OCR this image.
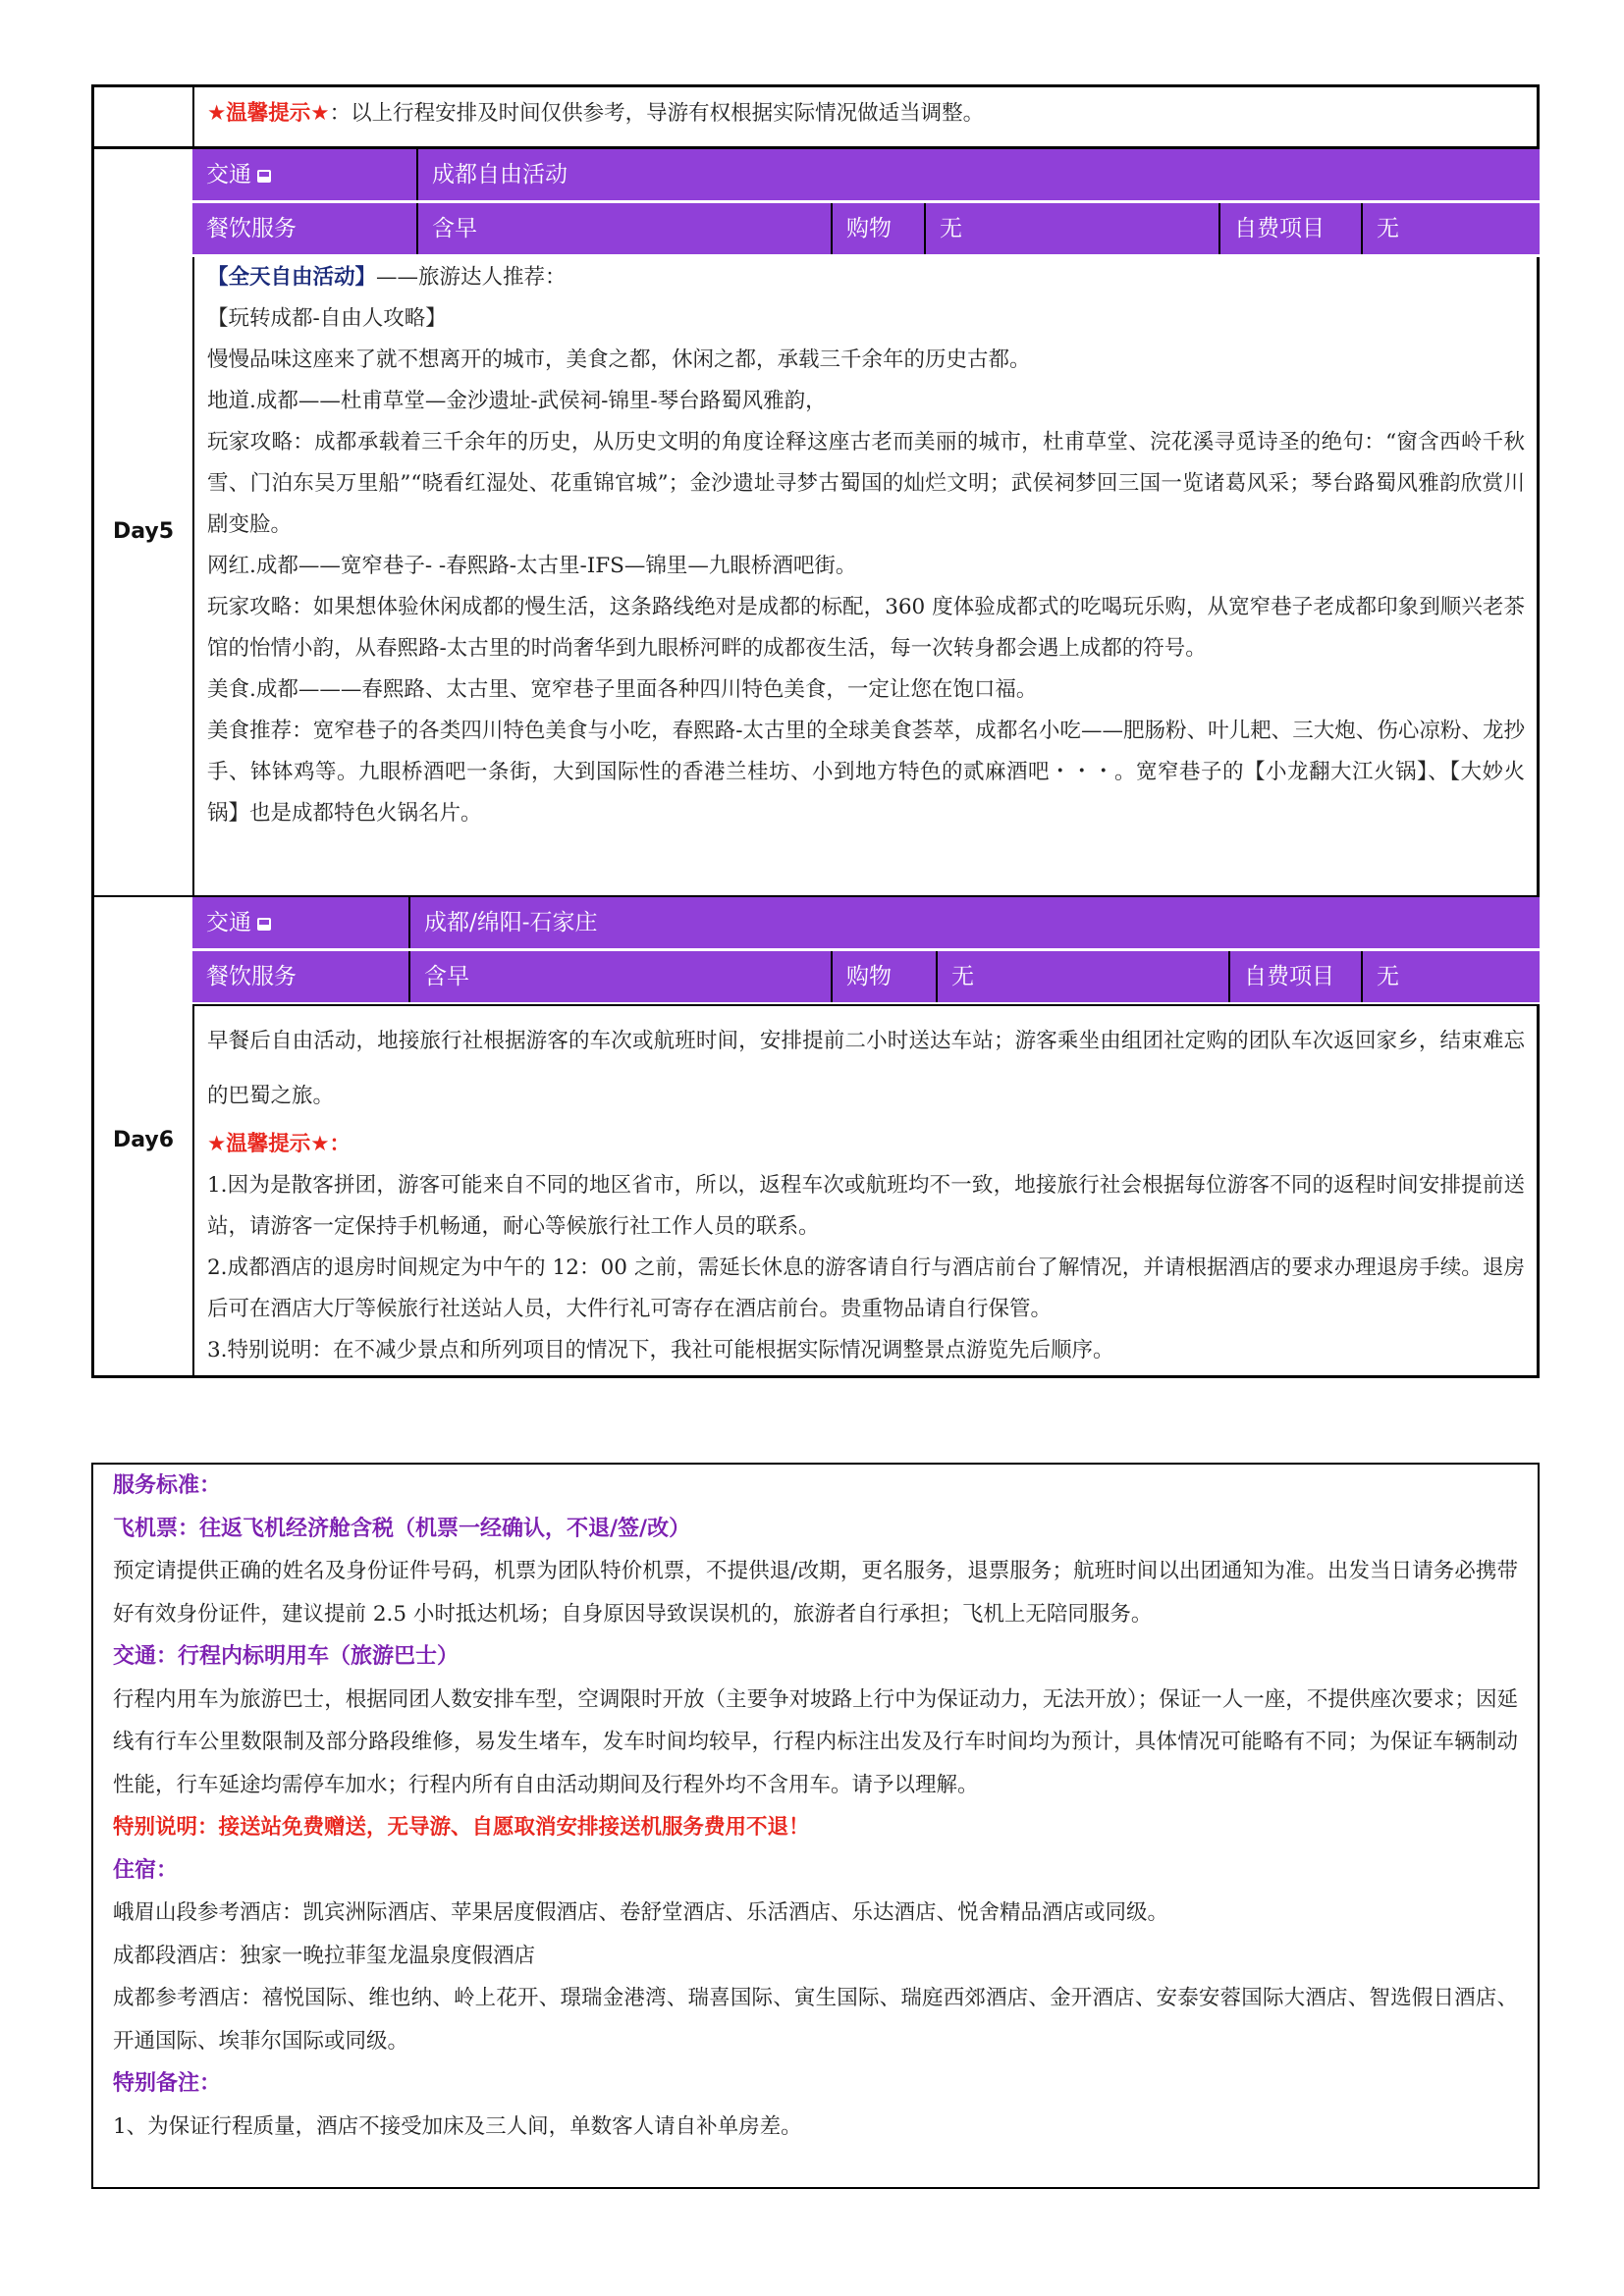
★温馨提示★：以上行程安排及时间仅供参考，导游有权根据实际情况做适当调整。
Day5
交通	成都自由活动
餐饮服务	含早	购物	无	自费项目	无
【全天自由活动】——旅游达人推荐：
【玩转成都-自由人攻略】
慢慢品味这座来了就不想离开的城市，美食之都，休闲之都，承载三千余年的历史古都。
地道.成都——杜甫草堂—金沙遗址-武侯祠-锦里-琴台路蜀风雅韵，
玩家攻略：成都承载着三千余年的历史，从历史文明的角度诠释这座古老而美丽的城市，杜甫草堂、浣花溪寻觅诗圣的绝句：“窗含西岭千秋雪、门泊东吴万里船”“晓看红湿处、花重锦官城”；金沙遗址寻梦古蜀国的灿烂文明；武侯祠梦回三国一览诸葛风采；琴台路蜀风雅韵欣赏川剧变脸。
网红.成都——宽窄巷子- -春熙路-太古里-IFS—锦里—九眼桥酒吧街。
玩家攻略：如果想体验休闲成都的慢生活，这条路线绝对是成都的标配，360 度体验成都式的吃喝玩乐购，从宽窄巷子老成都印象到顺兴老茶馆的怡情小韵，从春熙路-太古里的时尚奢华到九眼桥河畔的成都夜生活，每一次转身都会遇上成都的符号。
美食.成都———春熙路、太古里、宽窄巷子里面各种四川特色美食，一定让您在饱口福。
美食推荐：宽窄巷子的各类四川特色美食与小吃，春熙路-太古里的全球美食荟萃，成都名小吃——肥肠粉、叶儿耙、三大炮、伤心凉粉、龙抄手、钵钵鸡等。九眼桥酒吧一条街，大到国际性的香港兰桂坊、小到地方特色的贰麻酒吧・・・。宽窄巷子的【小龙翻大江火锅】、【大妙火锅】也是成都特色火锅名片。
Day6
交通	成都/绵阳-石家庄
餐饮服务	含早	购物	无	自费项目	无
早餐后自由活动，地接旅行社根据游客的车次或航班时间，安排提前二小时送达车站；游客乘坐由组团社定购的团队车次返回家乡，结束难忘的巴蜀之旅。
★温馨提示★：
1.因为是散客拼团，游客可能来自不同的地区省市，所以，返程车次或航班均不一致，地接旅行社会根据每位游客不同的返程时间安排提前送站，请游客一定保持手机畅通，耐心等候旅行社工作人员的联系。
2.成都酒店的退房时间规定为中午的 12：00 之前，需延长休息的游客请自行与酒店前台了解情况，并请根据酒店的要求办理退房手续。退房后可在酒店大厅等候旅行社送站人员，大件行礼可寄存在酒店前台。贵重物品请自行保管。
3.特别说明：在不减少景点和所列项目的情况下，我社可能根据实际情况调整景点游览先后顺序。

服务标准：

飞机票：往返飞机经济舱含税（机票一经确认，不退/签/改）

预定请提供正确的姓名及身份证件号码，机票为团队特价机票，不提供退/改期，更名服务，退票服务；航班时间以出团通知为准。出发当日请务必携带好有效身份证件，建议提前 2.5 小时抵达机场；自身原因导致误误机的，旅游者自行承担；飞机上无陪同服务。

交通：行程内标明用车（旅游巴士）

行程内用车为旅游巴士，根据同团人数安排车型，空调限时开放（主要争对坡路上行中为保证动力，无法开放）；保证一人一座，不提供座次要求；因延线有行车公里数限制及部分路段维修，易发生堵车，发车时间均较早，行程内标注出发及行车时间均为预计，具体情况可能略有不同；为保证车辆制动性能，行车延途均需停车加水；行程内所有自由活动期间及行程外均不含用车。请予以理解。

特别说明：接送站免费赠送，无导游、自愿取消安排接送机服务费用不退！

住宿：

峨眉山段参考酒店：凯宾洲际酒店、苹果居度假酒店、卷舒堂酒店、乐活酒店、乐达酒店、悦舍精品酒店或同级。

成都段酒店：独家一晚拉菲玺龙温泉度假酒店

成都参考酒店：禧悦国际、维也纳、岭上花开、璟瑞金港湾、瑞喜国际、寅生国际、瑞庭西郊酒店、金开酒店、安泰安蓉国际大酒店、智选假日酒店、开通国际、埃菲尔国际或同级。

特别备注：

1、为保证行程质量，酒店不接受加床及三人间，单数客人请自补单房差。
